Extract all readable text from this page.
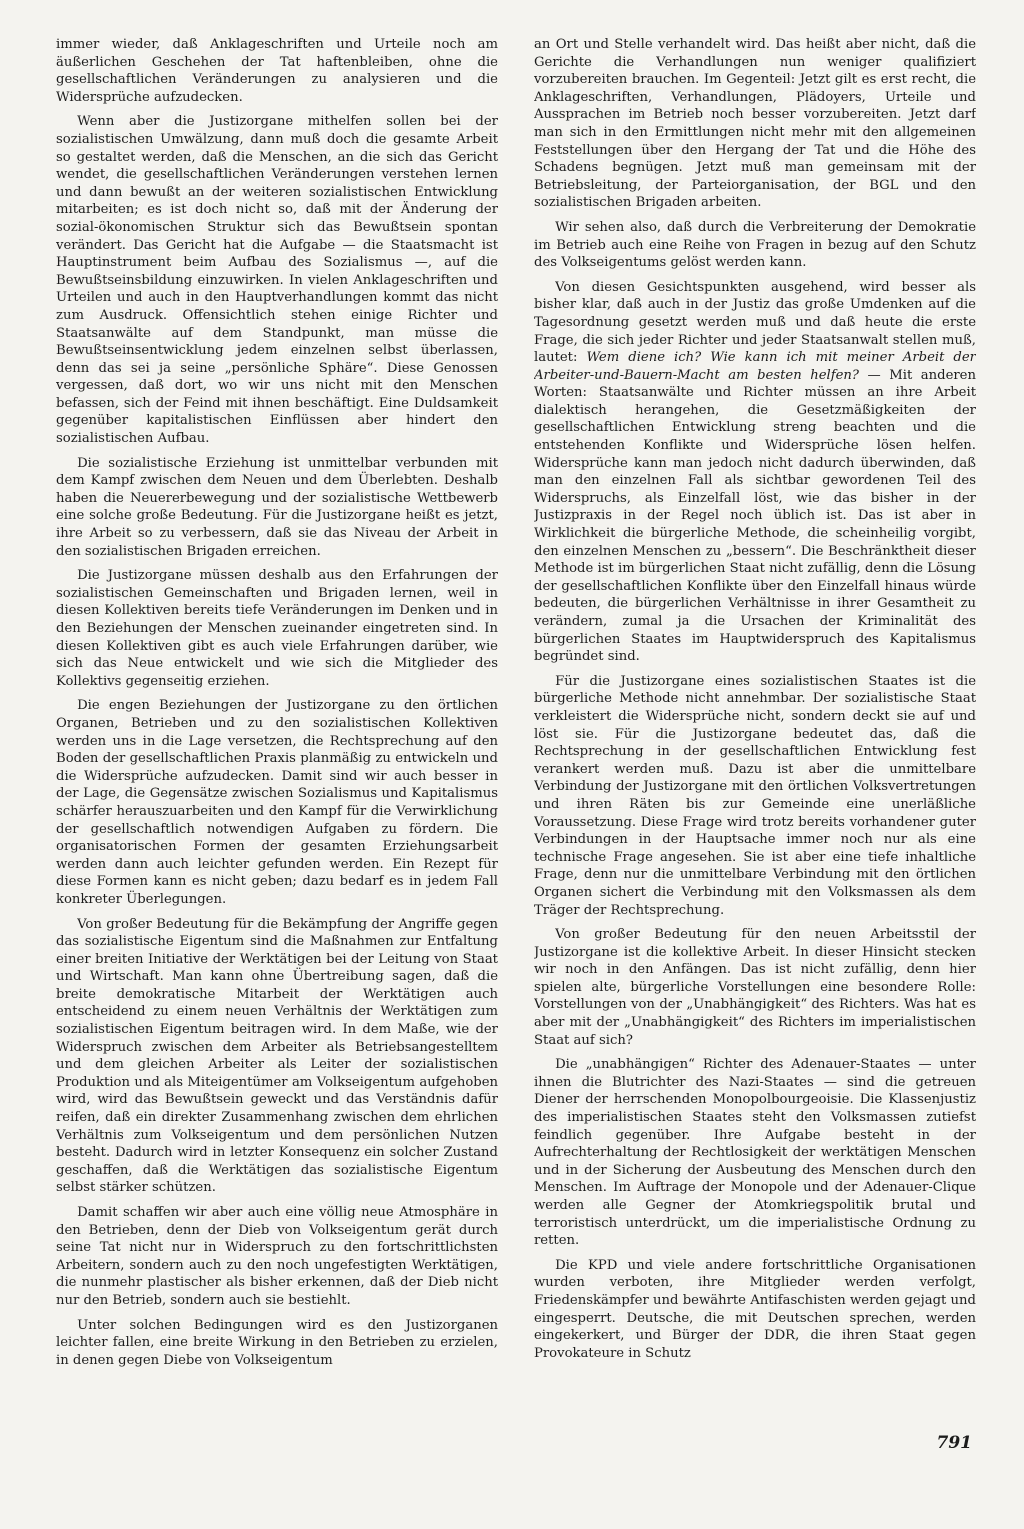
immer wieder, daß Anklageschriften und Urteile noch am äußerlichen Geschehen der Tat haftenbleiben, ohne die gesellschaftlichen Veränderungen zu analysieren und die Widersprüche aufzudecken.

Wenn aber die Justizorgane mithelfen sollen bei der sozialistischen Umwälzung, dann muß doch die gesamte Arbeit so gestaltet werden, daß die Menschen, an die sich das Gericht wendet, die gesellschaftlichen Veränderungen verstehen lernen und dann bewußt an der weiteren sozialistischen Entwicklung mitarbeiten; es ist doch nicht so, daß mit der Änderung der sozial-ökonomischen Struktur sich das Bewußtsein spontan verändert. Das Gericht hat die Aufgabe — die Staatsmacht ist Hauptinstrument beim Aufbau des Sozialismus —, auf die Bewußtseinsbildung einzuwirken. In vielen Anklageschriften und Urteilen und auch in den Hauptverhandlungen kommt das nicht zum Ausdruck. Offensichtlich stehen einige Richter und Staatsanwälte auf dem Standpunkt, man müsse die Bewußtseinsentwicklung jedem einzelnen selbst überlassen, denn das sei ja seine „persönliche Sphäre“. Diese Genossen vergessen, daß dort, wo wir uns nicht mit den Menschen befassen, sich der Feind mit ihnen beschäftigt. Eine Duldsamkeit gegenüber kapitalistischen Einflüssen aber hindert den sozialistischen Aufbau.

Die sozialistische Erziehung ist unmittelbar verbunden mit dem Kampf zwischen dem Neuen und dem Überlebten. Deshalb haben die Neuererbewegung und der sozialistische Wettbewerb eine solche große Bedeutung. Für die Justizorgane heißt es jetzt, ihre Arbeit so zu verbessern, daß sie das Niveau der Arbeit in den sozialistischen Brigaden erreichen.

Die Justizorgane müssen deshalb aus den Erfahrungen der sozialistischen Gemeinschaften und Brigaden lernen, weil in diesen Kollektiven bereits tiefe Veränderungen im Denken und in den Beziehungen der Menschen zueinander eingetreten sind. In diesen Kollektiven gibt es auch viele Erfahrungen darüber, wie sich das Neue entwickelt und wie sich die Mitglieder des Kollektivs gegenseitig erziehen.

Die engen Beziehungen der Justizorgane zu den örtlichen Organen, Betrieben und zu den sozialistischen Kollektiven werden uns in die Lage versetzen, die Rechtsprechung auf den Boden der gesellschaftlichen Praxis planmäßig zu entwickeln und die Widersprüche aufzudecken. Damit sind wir auch besser in der Lage, die Gegensätze zwischen Sozialismus und Kapitalismus schärfer herauszuarbeiten und den Kampf für die Verwirklichung der gesellschaftlich notwendigen Aufgaben zu fördern. Die organisatorischen Formen der gesamten Erziehungsarbeit werden dann auch leichter gefunden werden. Ein Rezept für diese Formen kann es nicht geben; dazu bedarf es in jedem Fall konkreter Überlegungen.

Von großer Bedeutung für die Bekämpfung der Angriffe gegen das sozialistische Eigentum sind die Maßnahmen zur Entfaltung einer breiten Initiative der Werktätigen bei der Leitung von Staat und Wirtschaft. Man kann ohne Übertreibung sagen, daß die breite demokratische Mitarbeit der Werktätigen auch entscheidend zu einem neuen Verhältnis der Werktätigen zum sozialistischen Eigentum beitragen wird. In dem Maße, wie der Widerspruch zwischen dem Arbeiter als Betriebsangestelltem und dem gleichen Arbeiter als Leiter der sozialistischen Produktion und als Miteigentümer am Volkseigentum aufgehoben wird, wird das Bewußtsein geweckt und das Verständnis dafür reifen, daß ein direkter Zusammenhang zwischen dem ehrlichen Verhältnis zum Volkseigentum und dem persönlichen Nutzen besteht. Dadurch wird in letzter Konsequenz ein solcher Zustand geschaffen, daß die Werktätigen das sozialistische Eigentum selbst stärker schützen.

Damit schaffen wir aber auch eine völlig neue Atmosphäre in den Betrieben, denn der Dieb von Volkseigentum gerät durch seine Tat nicht nur in Widerspruch zu den fortschrittlichsten Arbeitern, sondern auch zu den noch ungefestigten Werktätigen, die nunmehr plastischer als bisher erkennen, daß der Dieb nicht nur den Betrieb, sondern auch sie bestiehlt.

Unter solchen Bedingungen wird es den Justizorganen leichter fallen, eine breite Wirkung in den Betrieben zu erzielen, in denen gegen Diebe von Volkseigentum

an Ort und Stelle verhandelt wird. Das heißt aber nicht, daß die Gerichte die Verhandlungen nun weniger qualifiziert vorzubereiten brauchen. Im Gegenteil: Jetzt gilt es erst recht, die Anklageschriften, Verhandlungen, Plädoyers, Urteile und Aussprachen im Betrieb noch besser vorzubereiten. Jetzt darf man sich in den Ermittlungen nicht mehr mit den allgemeinen Feststellungen über den Hergang der Tat und die Höhe des Schadens begnügen. Jetzt muß man gemeinsam mit der Betriebsleitung, der Parteiorganisation, der BGL und den sozialistischen Brigaden arbeiten.

Wir sehen also, daß durch die Verbreiterung der Demokratie im Betrieb auch eine Reihe von Fragen in bezug auf den Schutz des Volkseigentums gelöst werden kann.

Von diesen Gesichtspunkten ausgehend, wird besser als bisher klar, daß auch in der Justiz das große Umdenken auf die Tagesordnung gesetzt werden muß und daß heute die erste Frage, die sich jeder Richter und jeder Staatsanwalt stellen muß, lautet: Wem diene ich? Wie kann ich mit meiner Arbeit der Arbeiter-und-Bauern-Macht am besten helfen? — Mit anderen Worten: Staatsanwälte und Richter müssen an ihre Arbeit dialektisch herangehen, die Gesetzmäßigkeiten der gesellschaftlichen Entwicklung streng beachten und die entstehenden Konflikte und Widersprüche lösen helfen. Widersprüche kann man jedoch nicht dadurch überwinden, daß man den einzelnen Fall als sichtbar gewordenen Teil des Widerspruchs, als Einzelfall löst, wie das bisher in der Justizpraxis in der Regel noch üblich ist. Das ist aber in Wirklichkeit die bürgerliche Methode, die scheinheilig vorgibt, den einzelnen Menschen zu „bessern“. Die Beschränktheit dieser Methode ist im bürgerlichen Staat nicht zufällig, denn die Lösung der gesellschaftlichen Konflikte über den Einzelfall hinaus würde bedeuten, die bürgerlichen Verhältnisse in ihrer Gesamtheit zu verändern, zumal ja die Ursachen der Kriminalität des bürgerlichen Staates im Hauptwiderspruch des Kapitalismus begründet sind.

Für die Justizorgane eines sozialistischen Staates ist die bürgerliche Methode nicht annehmbar. Der sozialistische Staat verkleistert die Widersprüche nicht, sondern deckt sie auf und löst sie. Für die Justizorgane bedeutet das, daß die Rechtsprechung in der gesellschaftlichen Entwicklung fest verankert werden muß. Dazu ist aber die unmittelbare Verbindung der Justizorgane mit den örtlichen Volksvertretungen und ihren Räten bis zur Gemeinde eine unerläßliche Voraussetzung. Diese Frage wird trotz bereits vorhandener guter Verbindungen in der Hauptsache immer noch nur als eine technische Frage angesehen. Sie ist aber eine tiefe inhaltliche Frage, denn nur die unmittelbare Verbindung mit den örtlichen Organen sichert die Verbindung mit den Volksmassen als dem Träger der Rechtsprechung.

Von großer Bedeutung für den neuen Arbeitsstil der Justizorgane ist die kollektive Arbeit. In dieser Hinsicht stecken wir noch in den Anfängen. Das ist nicht zufällig, denn hier spielen alte, bürgerliche Vorstellungen eine besondere Rolle: Vorstellungen von der „Unabhängigkeit“ des Richters. Was hat es aber mit der „Unabhängigkeit“ des Richters im imperialistischen Staat auf sich?

Die „unabhängigen“ Richter des Adenauer-Staates — unter ihnen die Blutrichter des Nazi-Staates — sind die getreuen Diener der herrschenden Monopolbourgeoisie. Die Klassenjustiz des imperialistischen Staates steht den Volksmassen zutiefst feindlich gegenüber. Ihre Aufgabe besteht in der Aufrechterhaltung der Rechtlosigkeit der werktätigen Menschen und in der Sicherung der Ausbeutung des Menschen durch den Menschen. Im Auftrage der Monopole und der Adenauer-Clique werden alle Gegner der Atomkriegspolitik brutal und terroristisch unterdrückt, um die imperialistische Ordnung zu retten.

Die KPD und viele andere fortschrittliche Organisationen wurden verboten, ihre Mitglieder werden verfolgt, Friedenskämpfer und bewährte Antifaschisten werden gejagt und eingesperrt. Deutsche, die mit Deutschen sprechen, werden eingekerkert, und Bürger der DDR, die ihren Staat gegen Provokateure in Schutz

791
